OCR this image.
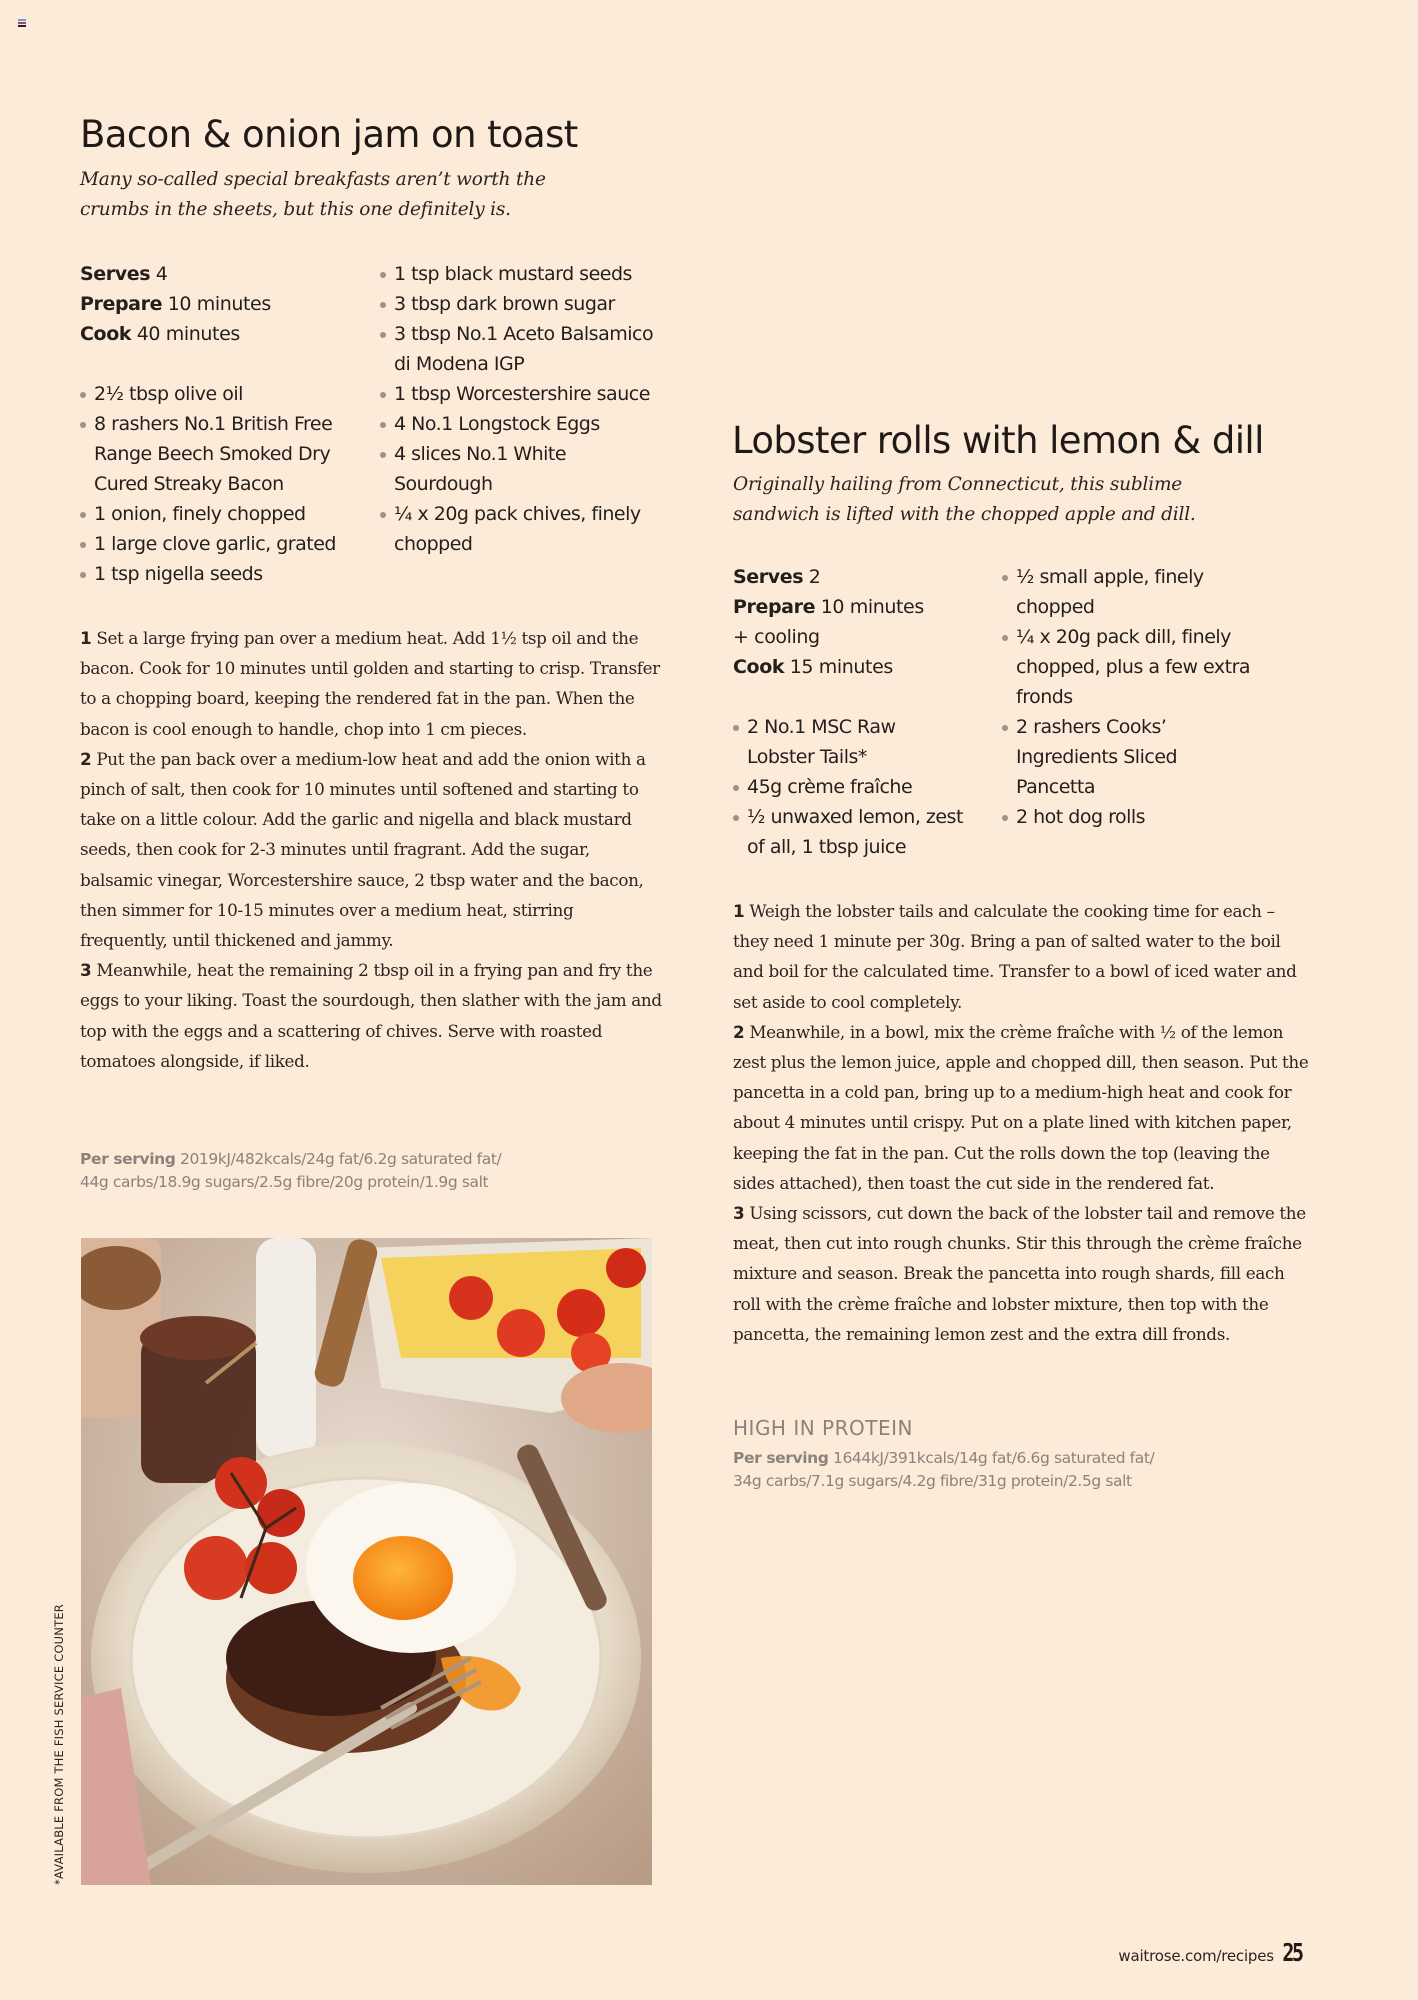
Bacon & onion jam on toast
Many so-called special breakfasts aren’t worth the
crumbs in the sheets, but this one definitely is.
Serves 4
Prepare 10 minutes
Cook 40 minutes
2½ tbsp olive oil
8 rashers No.1 British Free Range Beech Smoked Dry Cured Streaky Bacon
1 onion, finely chopped
1 large clove garlic, grated
1 tsp nigella seeds
1 tsp black mustard seeds
3 tbsp dark brown sugar
3 tbsp No.1 Aceto Balsamico di Modena IGP
1 tbsp Worcestershire sauce
4 No.1 Longstock Eggs
4 slices No.1 White Sourdough
¼ x 20g pack chives, finely chopped

1 Set a large frying pan over a medium heat. Add 1½ tsp oil and the bacon. Cook for 10 minutes until golden and starting to crisp. Transfer to a chopping board, keeping the rendered fat in the pan. When the bacon is cool enough to handle, chop into 1 cm pieces.

2 Put the pan back over a medium-low heat and add the onion with a pinch of salt, then cook for 10 minutes until softened and starting to take on a little colour. Add the garlic and nigella and black mustard seeds, then cook for 2-3 minutes until fragrant. Add the sugar, balsamic vinegar, Worcestershire sauce, 2 tbsp water and the bacon, then simmer for 10-15 minutes over a medium heat, stirring frequently, until thickened and jammy.

3 Meanwhile, heat the remaining 2 tbsp oil in a frying pan and fry the eggs to your liking. Toast the sourdough, then slather with the jam and top with the eggs and a scattering of chives. Serve with roasted tomatoes alongside, if liked.

Per serving 2019kJ/482kcals/24g fat/6.2g saturated fat/
44g carbs/18.9g sugars/2.5g fibre/20g protein/1.9g salt
Lobster rolls with lemon & dill
Originally hailing from Connecticut, this sublime
sandwich is lifted with the chopped apple and dill.
Serves 2
Prepare 10 minutes
+ cooling
Cook 15 minutes
2 No.1 MSC Raw Lobster Tails*
45g crème fraîche
½ unwaxed lemon, zest of all, 1 tbsp juice
½ small apple, finely chopped
¼ x 20g pack dill, finely chopped, plus a few extra fronds
2 rashers Cooks’ Ingredients Sliced Pancetta
2 hot dog rolls

1 Weigh the lobster tails and calculate the cooking time for each – they need 1 minute per 30g. Bring a pan of salted water to the boil and boil for the calculated time. Transfer to a bowl of iced water and set aside to cool completely.

2 Meanwhile, in a bowl, mix the crème fraîche with ½ of the lemon zest plus the lemon juice, apple and chopped dill, then season. Put the pancetta in a cold pan, bring up to a medium-high heat and cook for about 4 minutes until crispy. Put on a plate lined with kitchen paper, keeping the fat in the pan. Cut the rolls down the top (leaving the sides attached), then toast the cut side in the rendered fat.

3 Using scissors, cut down the back of the lobster tail and remove the meat, then cut into rough chunks. Stir this through the crème fraîche mixture and season. Break the pancetta into rough shards, fill each roll with the crème fraîche and lobster mixture, then top with the pancetta, the remaining lemon zest and the extra dill fronds.

HIGH IN PROTEIN
Per serving 1644kJ/391kcals/14g fat/6.6g saturated fat/
34g carbs/7.1g sugars/4.2g fibre/31g protein/2.5g salt
*AVAILABLE FROM THE FISH SERVICE COUNTER
waitrose.com/recipes 25
